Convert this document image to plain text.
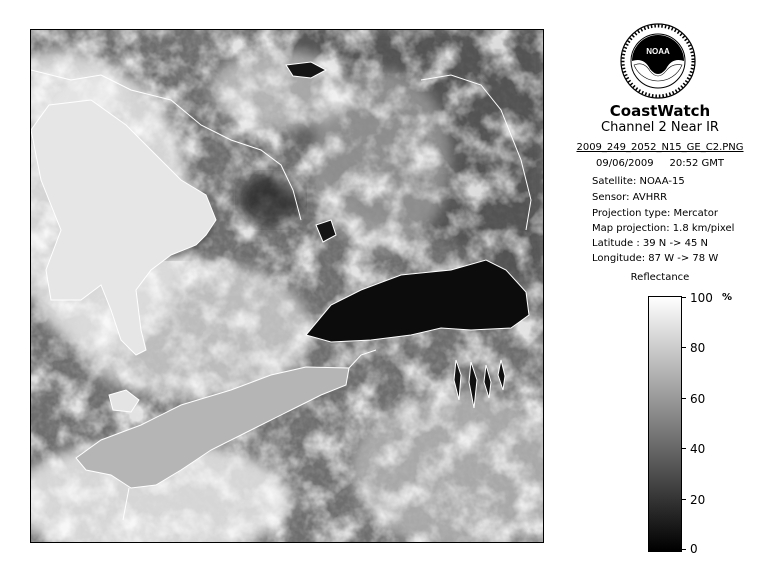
NOAA
CoastWatch
Channel 2 Near IR
2009_249_2052_N15_GE_C2.PNG
09/06/2009 20:52 GMT
Satellite: NOAA-15
Sensor: AVHRR
Projection type: Mercator
Map projection: 1.8 km/pixel
Latitude : 39 N -> 45 N
Longitude: 87 W -> 78 W
Reflectance
%
100
80
60
40
20
0
